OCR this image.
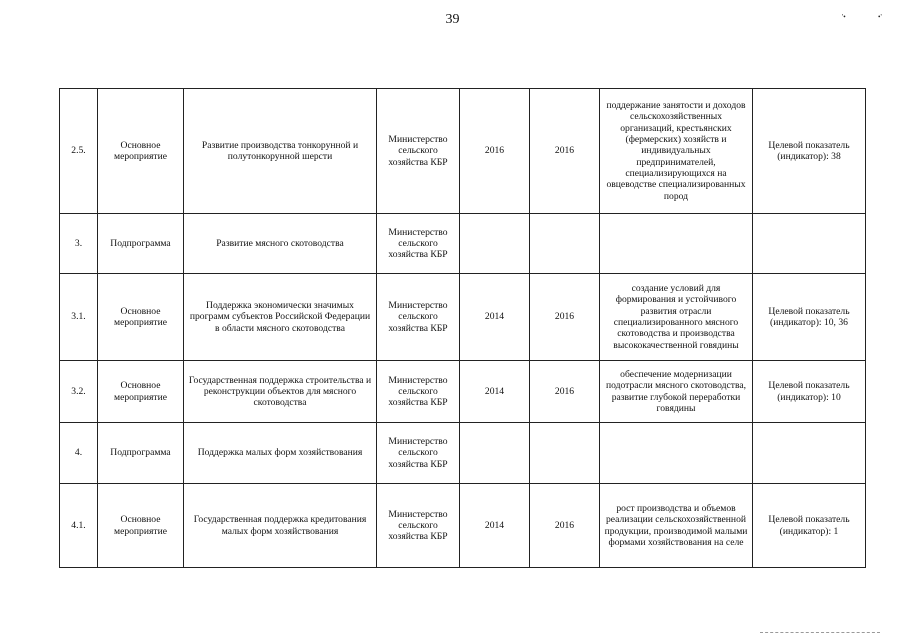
39	'•	•'
2.5.	Основное мероприятие	Развитие производства тонкорунной и полутонкорунной шерсти	Министерство сельского хозяйства КБР	2016	2016	поддержание занятости и доходов сельскохозяйственных организаций, крестьянских (фермерских) хозяйств и индивидуальных предпринимателей, специализирующихся на овцеводстве специализированных пород	Целевой показатель (индикатор): 38
3.	Подпрограмма	Развитие мясного скотоводства	Министерство сельского хозяйства КБР				
3.1.	Основное мероприятие	Поддержка экономически значимых программ субъектов Российской Федерации в области мясного скотоводства	Министерство сельского хозяйства КБР	2014	2016	создание условий для формирования и устойчивого развития отрасли специализированного мясного скотоводства и производства высококачественной говядины	Целевой показатель (индикатор): 10, 36
3.2.	Основное мероприятие	Государственная поддержка строительства и реконструкции объектов для мясного скотоводства	Министерство сельского хозяйства КБР	2014	2016	обеспечение модернизации подотрасли мясного скотоводства, развитие глубокой переработки говядины	Целевой показатель (индикатор): 10
4.	Подпрограмма	Поддержка малых форм хозяйствования	Министерство сельского хозяйства КБР				
4.1.	Основное мероприятие	Государственная поддержка кредитования малых форм хозяйствования	Министерство сельского хозяйства КБР	2014	2016	рост производства и объемов реализации сельскохозяйственной продукции, производимой малыми формами хозяйствования на селе	Целевой показатель (индикатор): 1
